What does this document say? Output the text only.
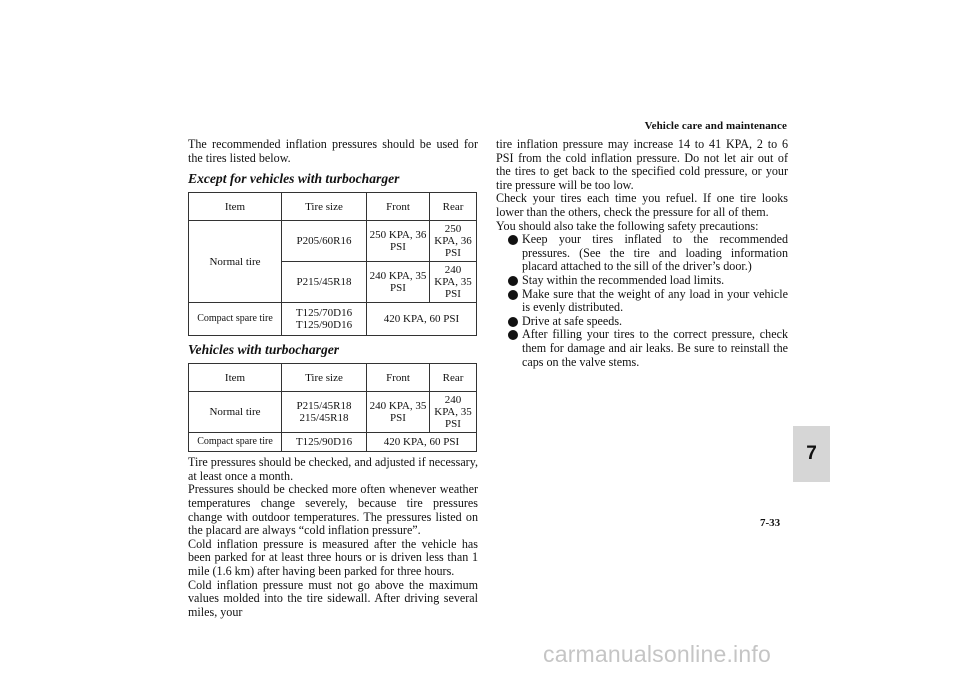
Vehicle care and maintenance

The recommended inflation pressures should be used for the tires listed below.

Except for vehicles with turbocharger
Item	Tire size	Front	Rear
Normal tire	P205/60R16	250 KPA, 36 PSI	250 KPA, 36 PSI
	P215/45R18	240 KPA, 35 PSI	240 KPA, 35 PSI
Compact spare tire	T125/70D16 T125/90D16	420 KPA, 60 PSI	
Vehicles with turbocharger
Item	Tire size	Front	Rear
Normal tire	P215/45R18 215/45R18	240 KPA, 35 PSI	240 KPA, 35 PSI
Compact spare tire	T125/90D16	420 KPA, 60 PSI	

Tire pressures should be checked, and adjusted if necessary, at least once a month.

Pressures should be checked more often whenever weather temperatures change severely, because tire pressures change with outdoor temperatures. The pressures listed on the placard are always “cold inflation pressure”.

Cold inflation pressure is measured after the vehicle has been parked for at least three hours or is driven less than 1 mile (1.6 km) after having been parked for three hours.

Cold inflation pressure must not go above the maximum values molded into the tire sidewall. After driving several miles, your

tire inflation pressure may increase 14 to 41 KPA, 2 to 6 PSI from the cold inflation pressure. Do not let air out of the tires to get back to the specified cold pressure, or your tire pressure will be too low.

Check your tires each time you refuel. If one tire looks lower than the others, check the pressure for all of them.

You should also take the following safety precautions:

Keep your tires inflated to the recommended pressures. (See the tire and loading information placard attached to the sill of the driver’s door.)
Stay within the recommended load limits.
Make sure that the weight of any load in your vehicle is evenly distributed.
Drive at safe speeds.
After filling your tires to the correct pressure, check them for damage and air leaks. Be sure to reinstall the caps on the valve stems.
7
7-33
carmanualsonline.info
